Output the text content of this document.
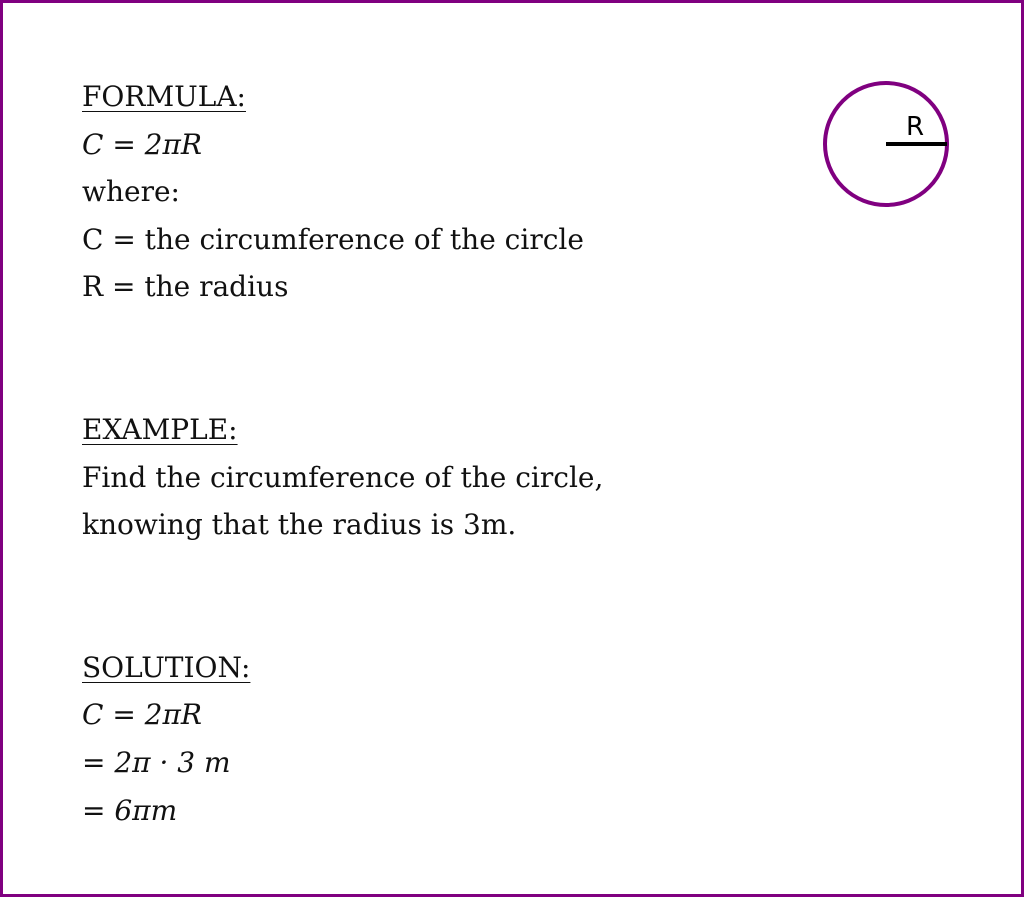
FORMULA:
C = 2πR
where:
C = the circumference of the circle
R = the radius
EXAMPLE:
Find the circumference of the circle,
knowing that the radius is 3m.
SOLUTION:
C = 2πR
= 2π · 3 m
= 6πm
R
